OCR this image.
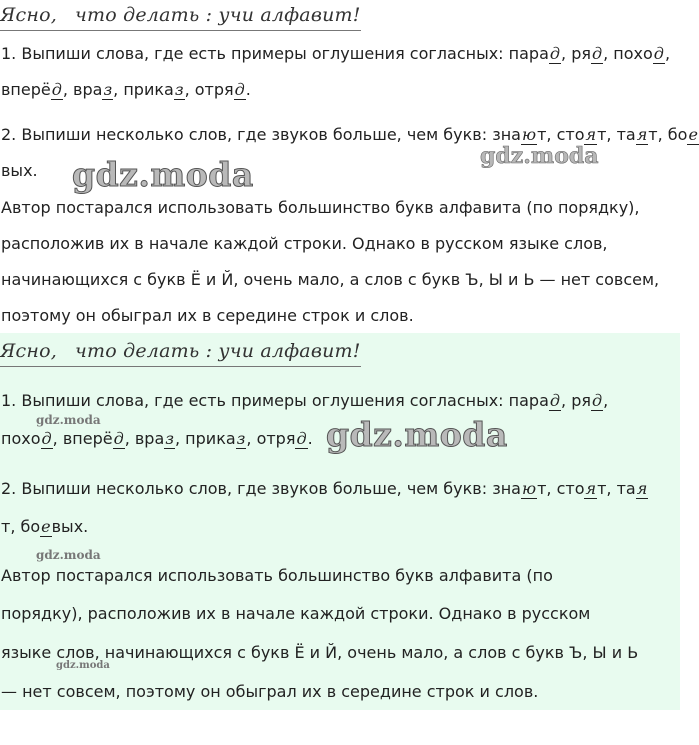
Ясно, что делать : учи алфавит!
1. Выпиши слова, где есть примеры оглушения согласных: парад, ряд, поход,
вперёд, враз, приказ, отряд.
2. Выпиши несколько слов, где звуков больше, чем букв: знают, стоят, таят, бое
вых. gdz.moda	gdz.moda
Автор постарался использовать большинство букв алфавита (по порядку),
расположив их в начале каждой строки. Однако в русском языке слов,
начинающихся с букв Ё и Й, очень мало, а слов с букв Ъ, Ы и Ь — нет совсем,
поэтому он обыграл их в середине строк и слов.
Ясно, что делать : учи алфавит!
1. Выпиши слова, где есть примеры оглушения согласных: парад, ряд,
gdz.moda
поход, вперёд, враз, приказ, отряд. gdz.moda
2. Выпиши несколько слов, где звуков больше, чем букв: знают, стоят, тая
т, боевых.
gdz.moda
Автор постарался использовать большинство букв алфавита (по
порядку), расположив их в начале каждой строки. Однако в русском
языке слов, начинающихся с букв Ё и Й, очень мало, а слов с букв Ъ, Ы и Ь
gdz.moda
— нет совсем, поэтому он обыграл их в середине строк и слов.
